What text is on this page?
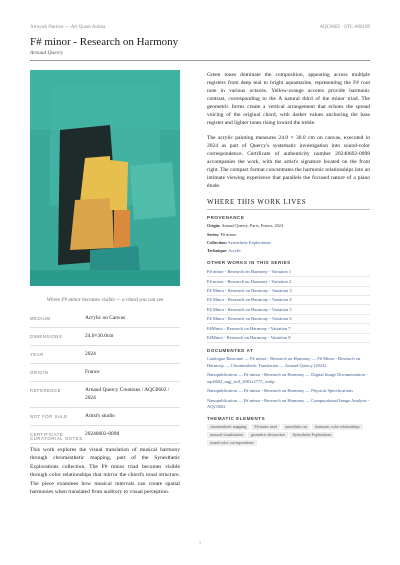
Artwork Notices — Art Quant Anima	AQC0602 · STC-000199
F# minor - Research on Harmony
Arnaud Quercy
Where F# minor becomes visible — a chord you can see
MEDIUM	Acrylic on Canvas
DIMENSIONS	24.0×30.0cm
YEAR	2024
ORIGIN	France
REFERENCE	Arnaud Quercy Creations / AQC0602 / 2024
NOT FOR SALE	Artist's studio
CERTIFICATE	20240602-0098
CURATORIAL NOTES
This work explores the visual translation of musical harmony through chromesthetic mapping, part of the Synesthetic Explorations collection. The F# minor triad becomes visible through color relationships that mirror the chord's tonal structure. The piece examines how musical intervals can create spatial harmonies when translated from auditory to visual perception.

Green tones dominate the composition, appearing across multiple registers from deep teal to bright aquamarine, representing the F# root note in various octaves. Yellow-orange accents provide harmonic contrast, corresponding to the A natural third of the minor triad. The geometric forms create a vertical arrangement that echoes the spread voicing of the original chord, with darker values anchoring the bass register and lighter tones rising toward the treble.

The acrylic painting measures 24.0 × 30.0 cm on canvas, executed in 2024 as part of Quercy's systematic investigation into sound-color correspondence. Certificate of authenticity number 20240602-0098 accompanies the work, with the artist's signature located on the front right. The compact format concentrates the harmonic relationships into an intimate viewing experience that parallels the focused nature of a piano étude.

WHERE THIS WORK LIVES
PROVENANCE
Origin: Arnaud Quercy, Paris, France, 2024
Series: F# minor
Collection: Synesthetic Explorations
Technique: Acrylic
OTHER WORKS IN THIS SERIES
F# minor - Research on Harmony - Variation 1
F# minor - Research on Harmony - Variation 2
F# Minor - Research on Harmony - Variation 3
F# Minor - Research on Harmony - Variation 4
F# Minor - Research on Harmony - Variation 5
F# Minor - Research on Harmony - Variation 6
F#Minor - Research on Harmony - Variation 7
F#Minor - Research on Harmony - Variation 8
DOCUMENTED AT
Catalogue Raisonné — F# minor - Research on Harmony — F# Minor - Research on Harmony — Chromesthetic Translation — Arnaud Quercy (2024)
Nanopublication — F# minor - Research on Harmony — Digital Image Documentation - aqc0602_mgj_full_2081x2775_webp
Nanopublication — F# minor - Research on Harmony — Physical Specifications
Nanopublication — F# minor - Research on Harmony — Computational Image Analysis - AQC0602
THEMATIC ELEMENTS
chromesthetic mapping	F# minor triad	synesthetic art	harmonic color relationships
musical visualization	geometric abstraction	Synesthetic Explorations
sound-color correspondence
1
